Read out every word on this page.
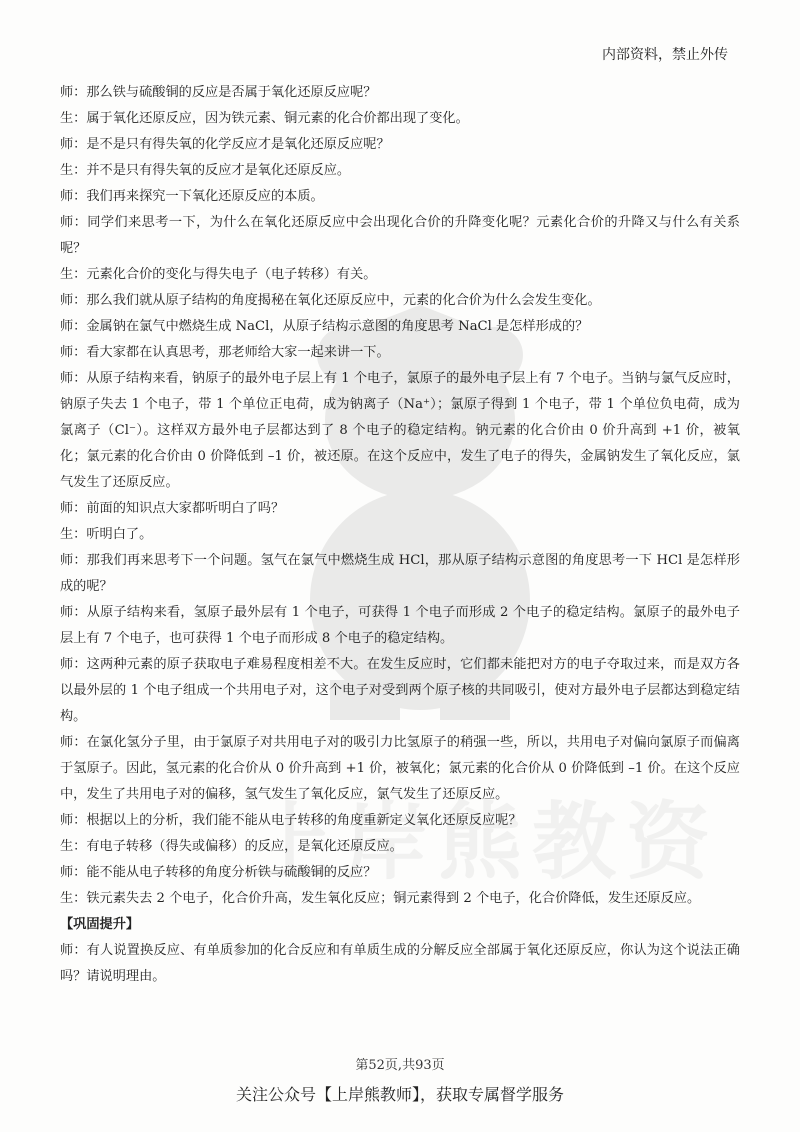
内部资料，禁止外传

师：那么铁与硫酸铜的反应是否属于氧化还原反应呢？

生：属于氧化还原反应，因为铁元素、铜元素的化合价都出现了变化。

师：是不是只有得失氧的化学反应才是氧化还原反应呢？

生：并不是只有得失氧的反应才是氧化还原反应。

师：我们再来探究一下氧化还原反应的本质。

师：同学们来思考一下，为什么在氧化还原反应中会出现化合价的升降变化呢？元素化合价的升降又与什么有关系呢？

生：元素化合价的变化与得失电子（电子转移）有关。

师：那么我们就从原子结构的角度揭秘在氧化还原反应中，元素的化合价为什么会发生变化。

师：金属钠在氯气中燃烧生成 NaCl，从原子结构示意图的角度思考 NaCl 是怎样形成的？

师：看大家都在认真思考，那老师给大家一起来讲一下。

师：从原子结构来看，钠原子的最外电子层上有 1 个电子，氯原子的最外电子层上有 7 个电子。当钠与氯气反应时，钠原子失去 1 个电子，带 1 个单位正电荷，成为钠离子（Na⁺）；氯原子得到 1 个电子，带 1 个单位负电荷，成为氯离子（Cl⁻）。这样双方最外电子层都达到了 8 个电子的稳定结构。钠元素的化合价由 0 价升高到 +1 价，被氧化；氯元素的化合价由 0 价降低到 –1 价，被还原。在这个反应中，发生了电子的得失，金属钠发生了氧化反应，氯气发生了还原反应。

师：前面的知识点大家都听明白了吗？

生：听明白了。

师：那我们再来思考下一个问题。氢气在氯气中燃烧生成 HCl，那从原子结构示意图的角度思考一下 HCl 是怎样形成的呢？

师：从原子结构来看，氢原子最外层有 1 个电子，可获得 1 个电子而形成 2 个电子的稳定结构。氯原子的最外电子层上有 7 个电子，也可获得 1 个电子而形成 8 个电子的稳定结构。

师：这两种元素的原子获取电子难易程度相差不大。在发生反应时，它们都未能把对方的电子夺取过来，而是双方各以最外层的 1 个电子组成一个共用电子对，这个电子对受到两个原子核的共同吸引，使对方最外电子层都达到稳定结构。

师：在氯化氢分子里，由于氯原子对共用电子对的吸引力比氢原子的稍强一些，所以，共用电子对偏向氯原子而偏离于氢原子。因此，氢元素的化合价从 0 价升高到 +1 价，被氧化；氯元素的化合价从 0 价降低到 –1 价。在这个反应中，发生了共用电子对的偏移，氢气发生了氧化反应，氯气发生了还原反应。

师：根据以上的分析，我们能不能从电子转移的角度重新定义氧化还原反应呢？

生：有电子转移（得失或偏移）的反应，是氧化还原反应。

师：能不能从电子转移的角度分析铁与硫酸铜的反应？

生：铁元素失去 2 个电子，化合价升高，发生氧化反应；铜元素得到 2 个电子，化合价降低，发生还原反应。

【巩固提升】

师：有人说置换反应、有单质参加的化合反应和有单质生成的分解反应全部属于氧化还原反应，你认为这个说法正确吗？请说明理由。

第52页,共93页
关注公众号【上岸熊教师】，获取专属督学服务
